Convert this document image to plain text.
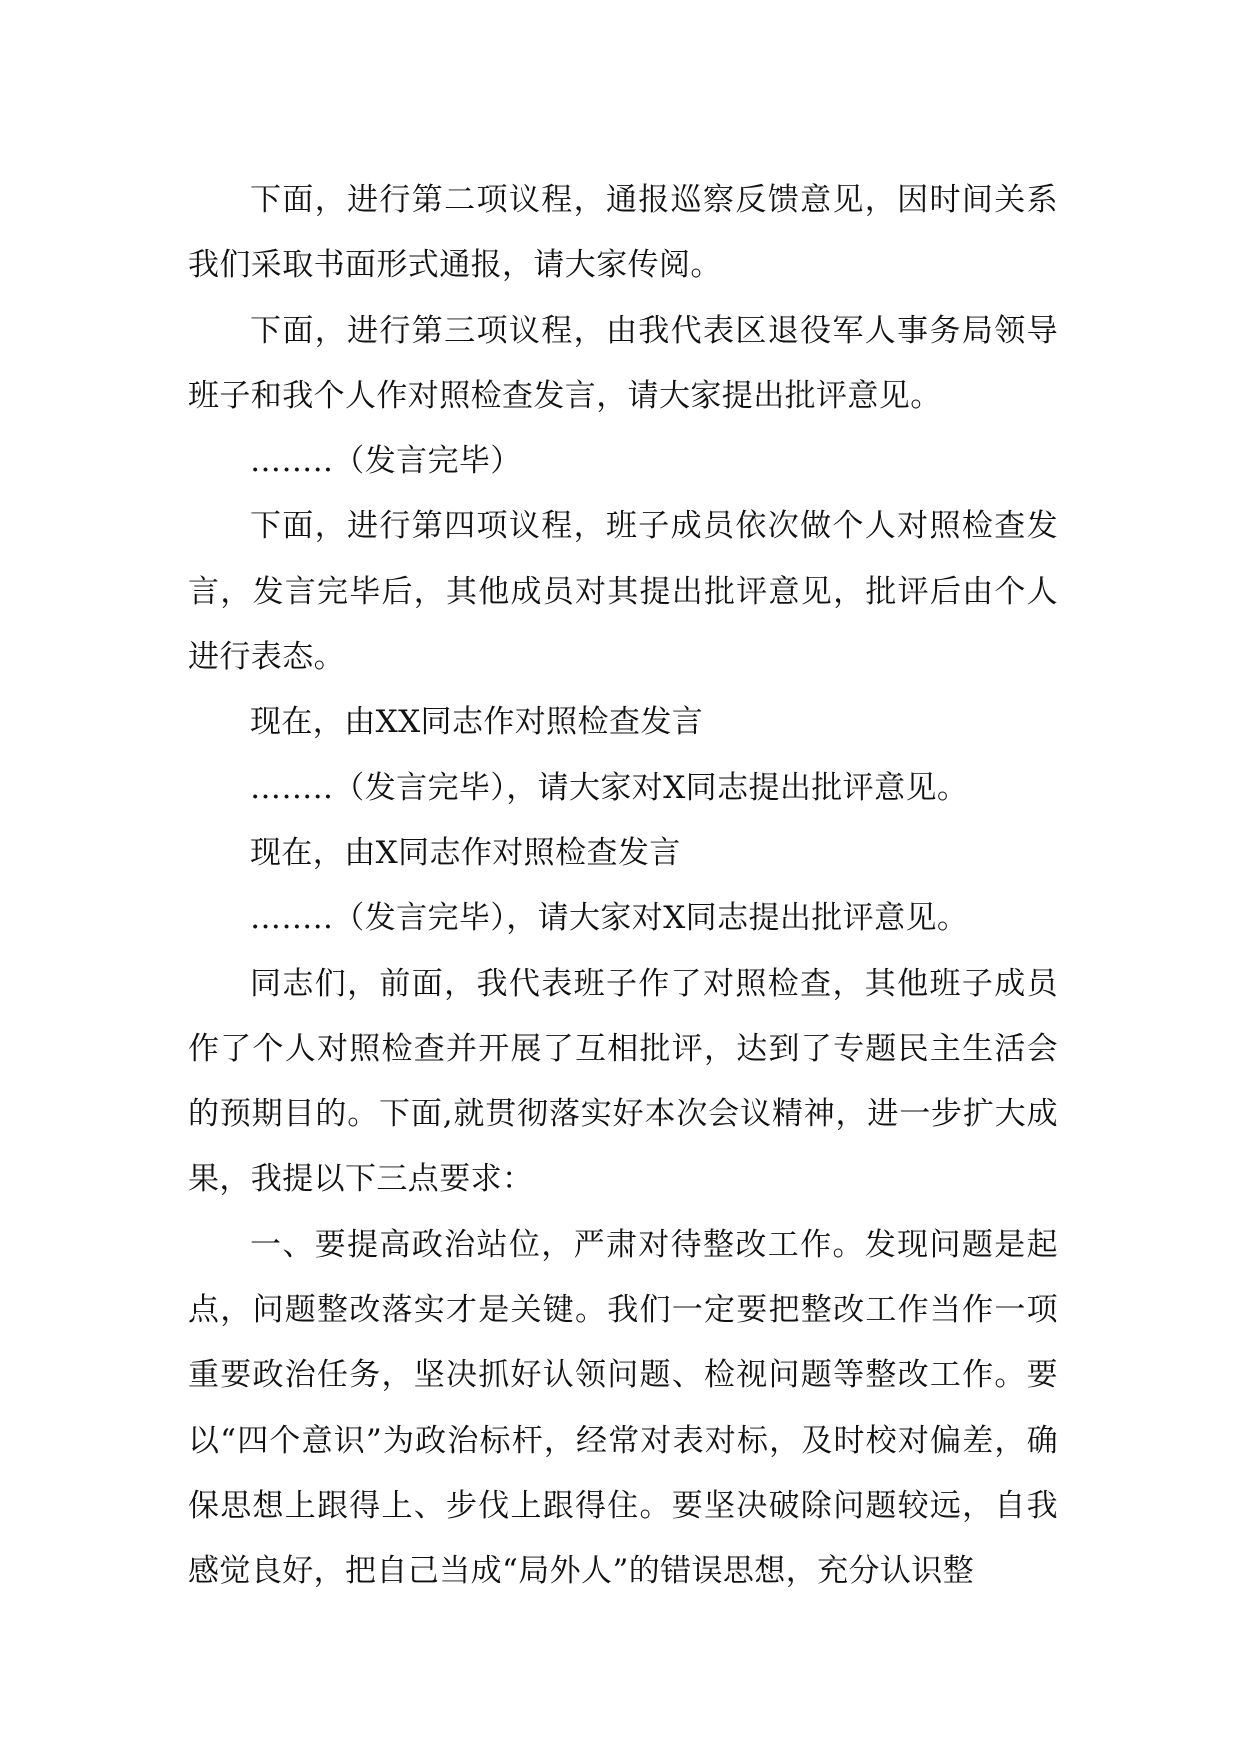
下面，进行第二项议程，通报巡察反馈意见，因时间关系我们采取书面形式通报，请大家传阅。

下面，进行第三项议程，由我代表区退役军人事务局领导班子和我个人作对照检查发言，请大家提出批评意见。

……..（发言完毕）

下面，进行第四项议程，班子成员依次做个人对照检查发言，发言完毕后，其他成员对其提出批评意见，批评后由个人进行表态。

现在，由XX同志作对照检查发言

……..（发言完毕），请大家对X同志提出批评意见。

现在，由X同志作对照检查发言

……..（发言完毕），请大家对X同志提出批评意见。

同志们，前面，我代表班子作了对照检查，其他班子成员作了个人对照检查并开展了互相批评，达到了专题民主生活会的预期目的。下面,就贯彻落实好本次会议精神，进一步扩大成果，我提以下三点要求：

一、要提高政治站位，严肃对待整改工作。发现问题是起点，问题整改落实才是关键。我们一定要把整改工作当作一项重要政治任务，坚决抓好认领问题、检视问题等整改工作。要以“四个意识”为政治标杆，经常对表对标，及时校对偏差，确保思想上跟得上、步伐上跟得住。要坚决破除问题较远，自我感觉良好，把自己当成“局外人”的错误思想，充分认识整
